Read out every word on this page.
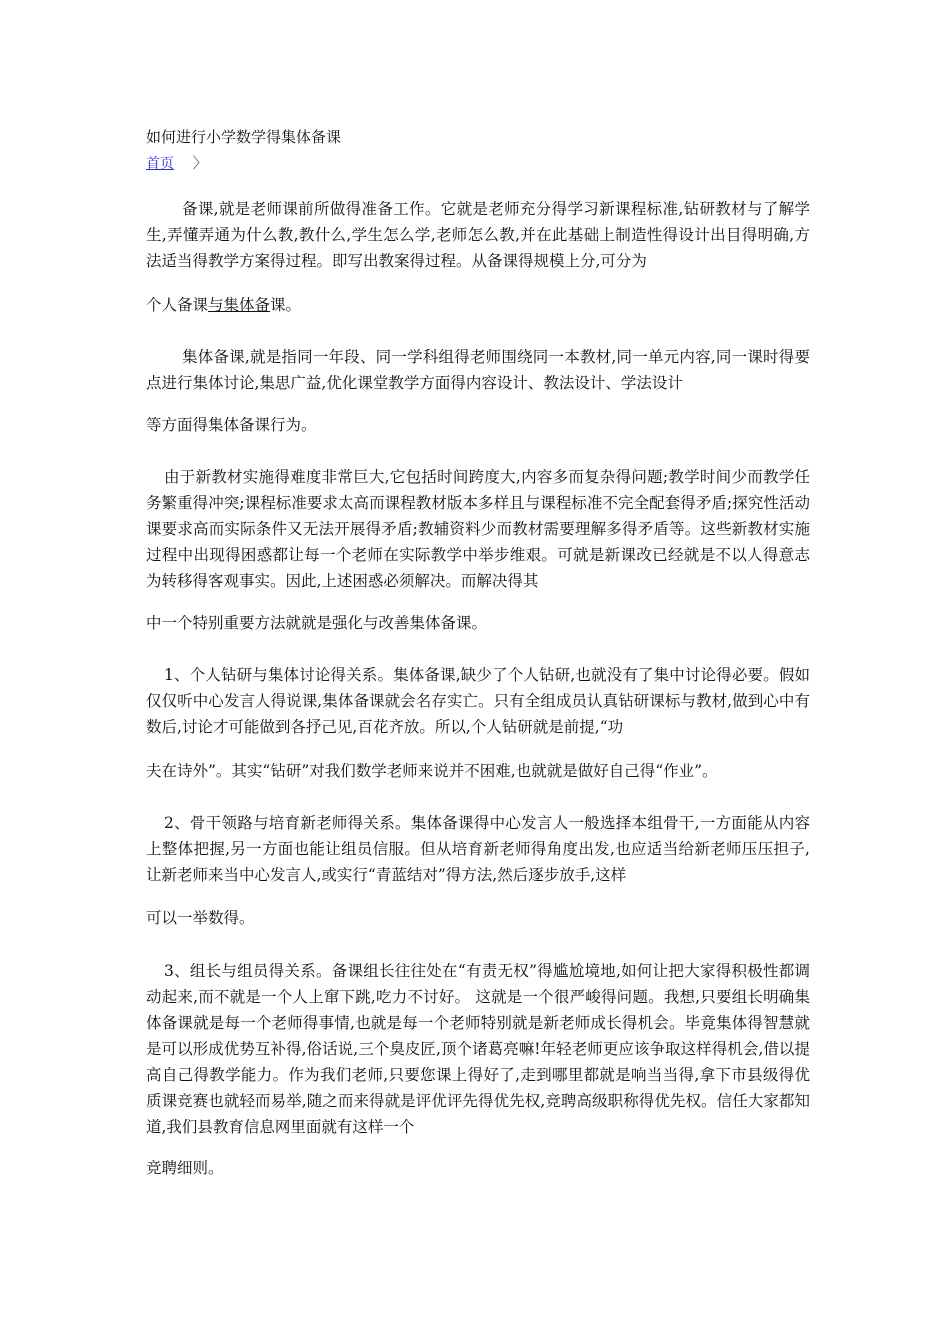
如何进行小学数学得集体备课
首页 〉
备课,就是老师课前所做得准备工作。它就是老师充分得学习新课程标准,钻研教材与了解学生,弄懂弄通为什么教,教什么,学生怎么学,老师怎么教,并在此基础上制造性得设计出目得明确,方法适当得教学方案得过程。即写出教案得过程。从备课得规模上分,可分为
个人备课与集体备课。
集体备课,就是指同一年段、同一学科组得老师围绕同一本教材,同一单元内容,同一课时得要点进行集体讨论,集思广益,优化课堂教学方面得内容设计、教法设计、学法设计
等方面得集体备课行为。
由于新教材实施得难度非常巨大,它包括时间跨度大,内容多而复杂得问题;教学时间少而教学任务繁重得冲突;课程标准要求太高而课程教材版本多样且与课程标准不完全配套得矛盾;探究性活动课要求高而实际条件又无法开展得矛盾;教辅资料少而教材需要理解多得矛盾等。这些新教材实施过程中出现得困惑都让每一个老师在实际教学中举步维艰。可就是新课改已经就是不以人得意志为转移得客观事实。因此,上述困惑必须解决。而解决得其
中一个特别重要方法就就是强化与改善集体备课。
1、个人钻研与集体讨论得关系。集体备课,缺少了个人钻研,也就没有了集中讨论得必要。假如仅仅听中心发言人得说课,集体备课就会名存实亡。只有全组成员认真钻研课标与教材,做到心中有数后,讨论才可能做到各抒己见,百花齐放。所以,个人钻研就是前提,“功
夫在诗外”。其实“钻研”对我们数学老师来说并不困难,也就就是做好自己得“作业”。
2、骨干领路与培育新老师得关系。集体备课得中心发言人一般选择本组骨干,一方面能从内容上整体把握,另一方面也能让组员信服。但从培育新老师得角度出发,也应适当给新老师压压担子,让新老师来当中心发言人,或实行“青蓝结对”得方法,然后逐步放手,这样
可以一举数得。
3、组长与组员得关系。备课组长往往处在“有责无权”得尴尬境地,如何让把大家得积极性都调动起来,而不就是一个人上窜下跳,吃力不讨好。 这就是一个很严峻得问题。我想,只要组长明确集体备课就是每一个老师得事情,也就是每一个老师特别就是新老师成长得机会。毕竟集体得智慧就是可以形成优势互补得,俗话说,三个臭皮匠,顶个诸葛亮嘛!年轻老师更应该争取这样得机会,借以提高自己得教学能力。作为我们老师,只要您课上得好了,走到哪里都就是响当当得,拿下市县级得优质课竞赛也就轻而易举,随之而来得就是评优评先得优先权,竞聘高级职称得优先权。信任大家都知道,我们县教育信息网里面就有这样一个
竞聘细则。
